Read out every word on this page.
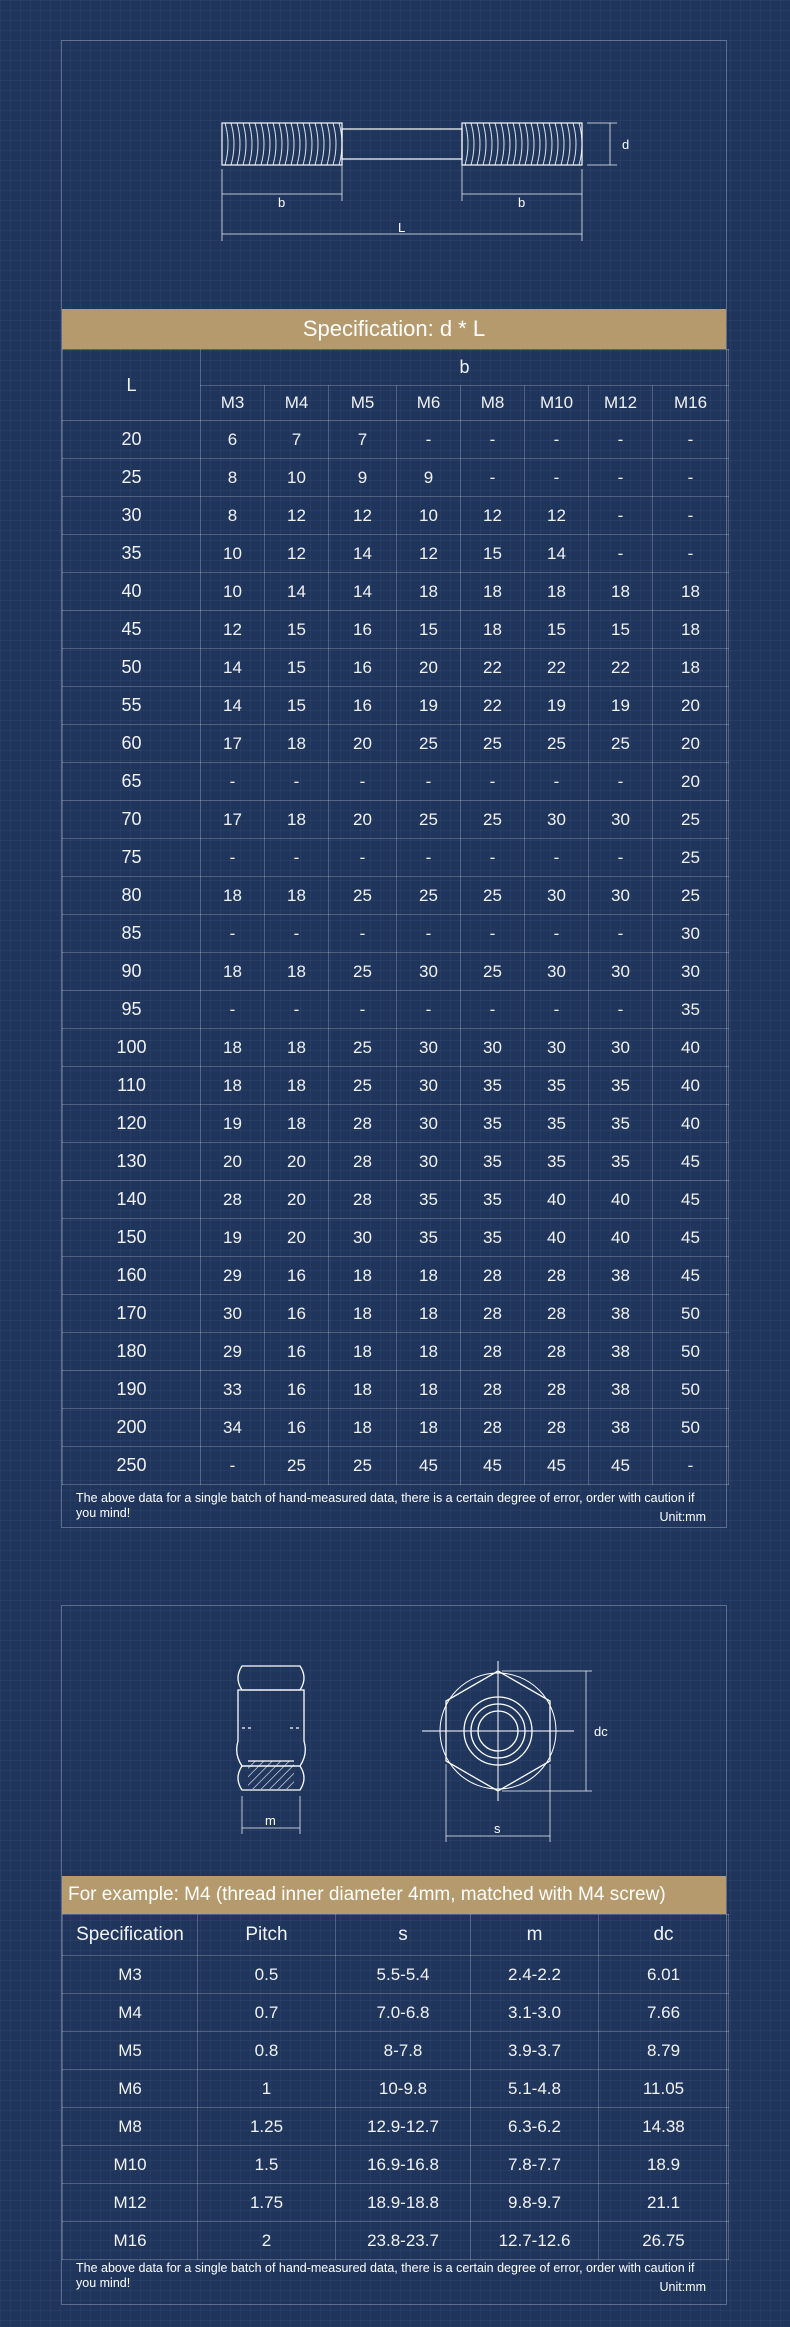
d
b	b
L
Specification: d * L
L	b							
	M3	M4	M5	M6	M8	M10	M12	M16
20	6	7	7	-	-	-	-	-
25	8	10	9	9	-	-	-	-
30	8	12	12	10	12	12	-	-
35	10	12	14	12	15	14	-	-
40	10	14	14	18	18	18	18	18
45	12	15	16	15	18	15	15	18
50	14	15	16	20	22	22	22	18
55	14	15	16	19	22	19	19	20
60	17	18	20	25	25	25	25	20
65	-	-	-	-	-	-	-	20
70	17	18	20	25	25	30	30	25
75	-	-	-	-	-	-	-	25
80	18	18	25	25	25	30	30	25
85	-	-	-	-	-	-	-	30
90	18	18	25	30	25	30	30	30
95	-	-	-	-	-	-	-	35
100	18	18	25	30	30	30	30	40
110	18	18	25	30	35	35	35	40
120	19	18	28	30	35	35	35	40
130	20	20	28	30	35	35	35	45
140	28	20	28	35	35	40	40	45
150	19	20	30	35	35	40	40	45
160	29	16	18	18	28	28	38	45
170	30	16	18	18	28	28	38	50
180	29	16	18	18	28	28	38	50
190	33	16	18	18	28	28	38	50
200	34	16	18	18	28	28	38	50
250	-	25	25	45	45	45	45	-
The above data for a single batch of hand-measured data, there is a certain degree of error, order with caution if you mind!	Unit:mm
m
dc
s
For example: M4 (thread inner diameter 4mm, matched with M4 screw)
Specification	Pitch	s	m	dc
M3	0.5	5.5-5.4	2.4-2.2	6.01
M4	0.7	7.0-6.8	3.1-3.0	7.66
M5	0.8	8-7.8	3.9-3.7	8.79
M6	1	10-9.8	5.1-4.8	11.05
M8	1.25	12.9-12.7	6.3-6.2	14.38
M10	1.5	16.9-16.8	7.8-7.7	18.9
M12	1.75	18.9-18.8	9.8-9.7	21.1
M16	2	23.8-23.7	12.7-12.6	26.75
The above data for a single batch of hand-measured data, there is a certain degree of error, order with caution if you mind!	Unit:mm
